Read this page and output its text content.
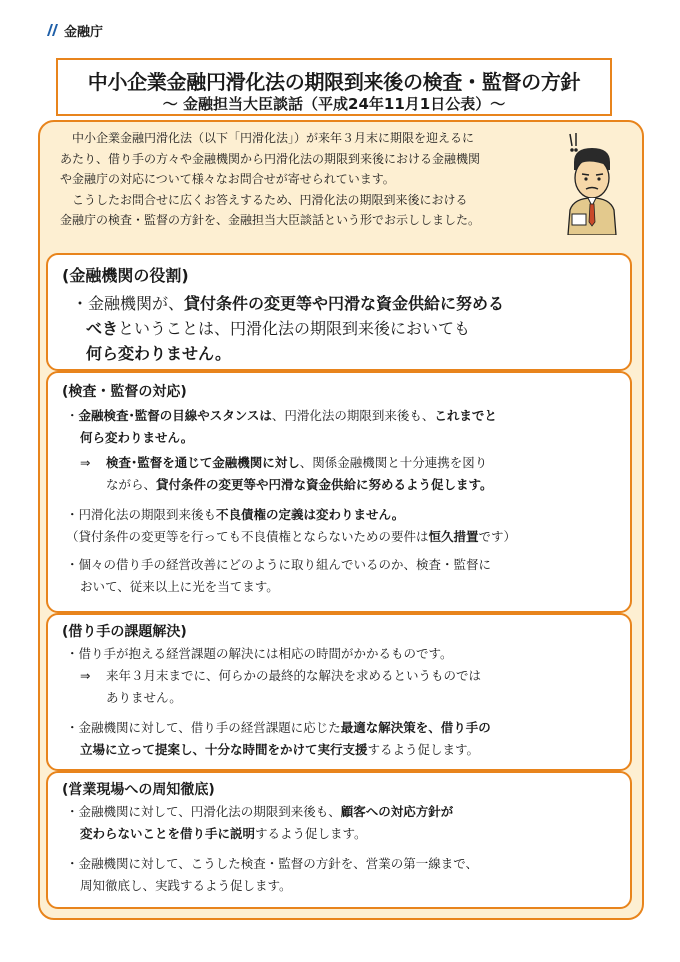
金融庁
中小企業金融円滑化法の期限到来後の検査・監督の方針
～ 金融担当大臣談話（平成24年11月1日公表）～

中小企業金融円滑化法（以下「円滑化法」）が来年３月末に期限を迎えるに

あたり、借り手の方々や金融機関から円滑化法の期限到来後における金融機関

や金融庁の対応について様々なお問合せが寄せられています。

こうしたお問合せに広くお答えするため、円滑化法の期限到来後における

金融庁の検査・監督の方針を、金融担当大臣談話という形でお示ししました。

(金融機関の役割)

・金融機関が、貸付条件の変更等や円滑な資金供給に努める

べきということは、円滑化法の期限到来後においても

何ら変わりません。

(検査・監督の対応)

・金融検査･監督の目線やスタンスは、円滑化法の期限到来後も、これまでと

何ら変わりません。

⇒ 検査･監督を通じて金融機関に対し、関係金融機関と十分連携を図り

ながら、貸付条件の変更等や円滑な資金供給に努めるよう促します。

・円滑化法の期限到来後も不良債権の定義は変わりません。

（貸付条件の変更等を行っても不良債権とならないための要件は恒久措置です）

・個々の借り手の経営改善にどのように取り組んでいるのか、検査・監督に

おいて、従来以上に光を当てます。

(借り手の課題解決)

・借り手が抱える経営課題の解決には相応の時間がかかるものです。

⇒ 来年３月末までに、何らかの最終的な解決を求めるというものでは

ありません。

・金融機関に対して、借り手の経営課題に応じた最適な解決策を、借り手の

立場に立って提案し、十分な時間をかけて実行支援するよう促します。

(営業現場への周知徹底)

・金融機関に対して、円滑化法の期限到来後も、顧客への対応方針が

変わらないことを借り手に説明するよう促します。

・金融機関に対して、こうした検査・監督の方針を、営業の第一線まで、

周知徹底し、実践するよう促します。
